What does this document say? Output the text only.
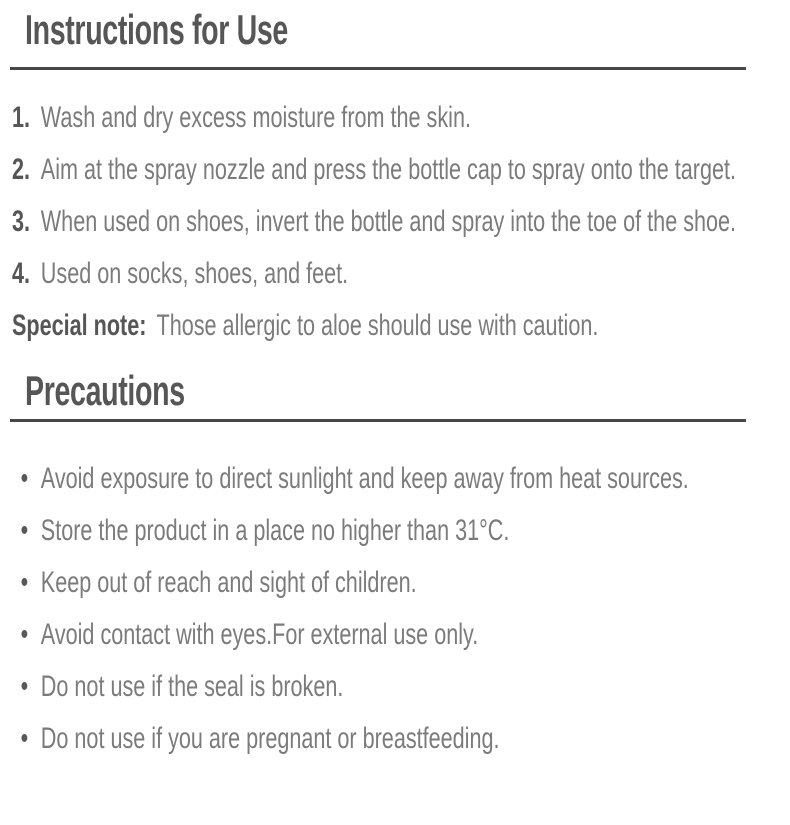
Instructions for Use
1. Wash and dry excess moisture from the skin.
2. Aim at the spray nozzle and press the bottle cap to spray onto the target.
3. When used on shoes, invert the bottle and spray into the toe of the shoe.
4. Used on socks, shoes, and feet.
Special note: Those allergic to aloe should use with caution.
Precautions
• Avoid exposure to direct sunlight and keep away from heat sources.
• Store the product in a place no higher than 31°C.
• Keep out of reach and sight of children.
• Avoid contact with eyes.For external use only.
• Do not use if the seal is broken.
• Do not use if you are pregnant or breastfeeding.
